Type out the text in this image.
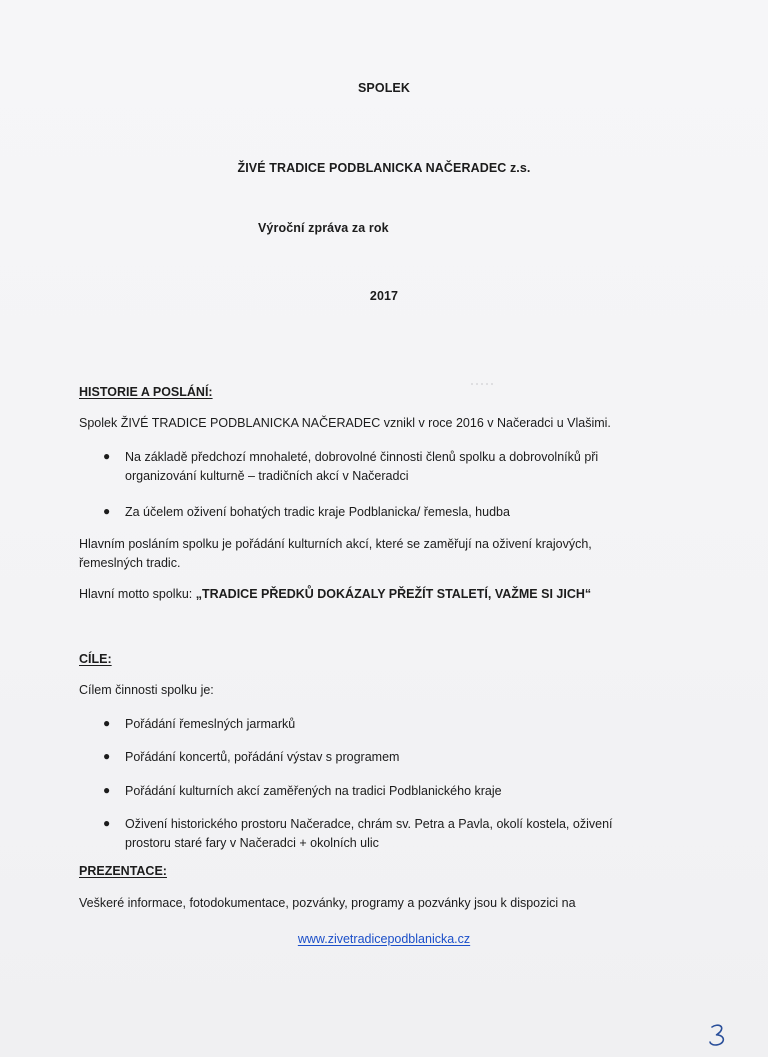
SPOLEK
ŽIVÉ TRADICE PODBLANICKA NAČERADEC z.s.
Výroční zpráva za rok
2017
HISTORIE A POSLÁNÍ:
Spolek ŽIVÉ TRADICE PODBLANICKA NAČERADEC vznikl v roce 2016 v Načeradci u Vlašimi.
● Na základě předchozí mnohaleté, dobrovolné činnosti členů spolku a dobrovolníků při
organizování kulturně – tradičních akcí v Načeradci
● Za účelem oživení bohatých tradic kraje Podblanicka/ řemesla, hudba
Hlavním posláním spolku je pořádání kulturních akcí, které se zaměřují na oživení krajových,
řemeslných tradic.
Hlavní motto spolku: „TRADICE PŘEDKŮ DOKÁZALY PŘEŽÍT STALETÍ, VAŽME SI JICH“
CÍLE:
Cílem činnosti spolku je:
● Pořádání řemeslných jarmarků
● Pořádání koncertů, pořádání výstav s programem
● Pořádání kulturních akcí zaměřených na tradici Podblanického kraje
● Oživení historického prostoru Načeradce, chrám sv. Petra a Pavla, okolí kostela, oživení
prostoru staré fary v Načeradci + okolních ulic
PREZENTACE:
Veškeré informace, fotodokumentace, pozvánky, programy a pozvánky jsou k dispozici na
www.zivetradicepodblanicka.cz
